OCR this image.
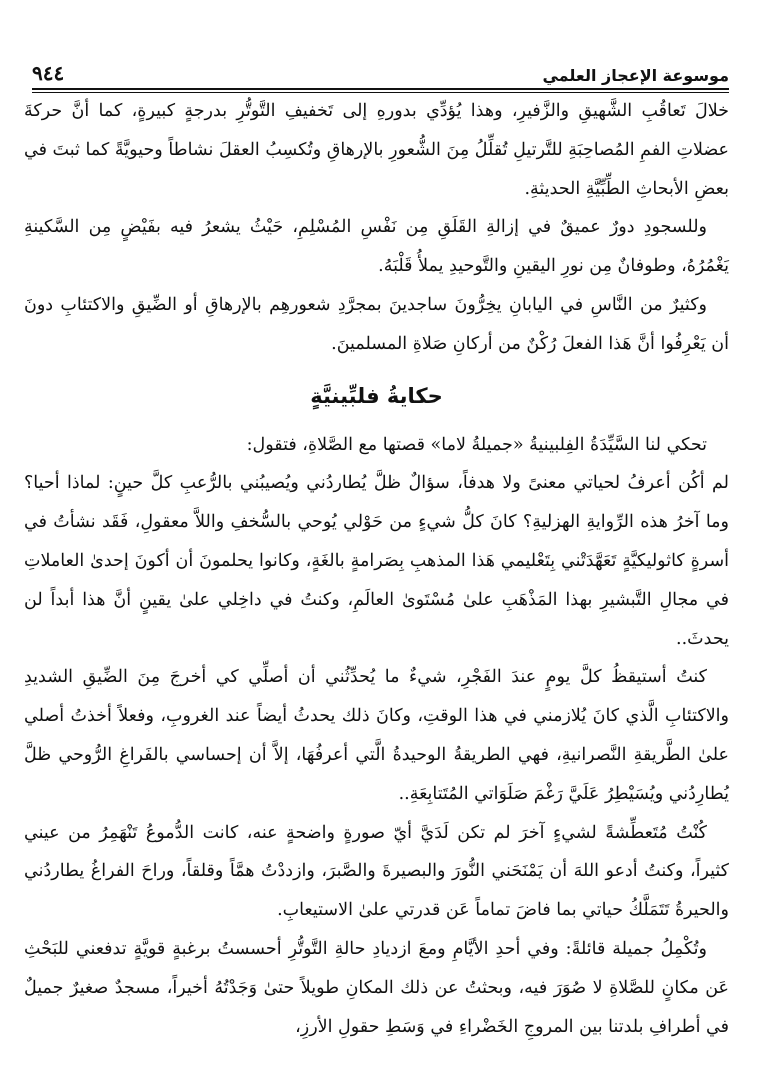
موسوعة الإعجاز العلمي
٩٤٤

خلالَ تَعاقُبِ الشَّهيقِ والزَّفيرِ، وهذا يُؤدِّي بدورهِ إلى تَخفيفِ التَّوتُّرِ بدرجةٍ كبيرةٍ، كما أنَّ حركةَ عضلاتِ الفمِ المُصاحِبَةِ للتَّرتيلِ تُقلِّلُ مِنَ الشُّعورِ بالإرهاقِ وتُكسِبُ العقلَ نشاطاً وحيويَّةً كما ثبتَ في بعضِ الأبحاثِ الطِّبِّيَّةِ الحديثةِ.

وللسجودِ دورٌ عميقٌ في إزالةِ القَلَقِ مِن نَفْسِ المُسْلِمِ، حَيْثُ يشعرُ فيه بفَيْضٍ مِن السَّكينةِ يَغْمُرُهُ، وطوفانٌ مِن نورِ اليقينِ والتَّوحيدِ يملأُ قَلْبَهُ.

وكثيرٌ من النَّاسِ في اليابانِ يخِرُّونَ ساجدينَ بمجرَّدِ شعورهِم بالإرهاقِ أو الضِّيقِ والاكتئابِ دونَ أن يَعْرِفُوا أنَّ هَذا الفعلَ رُكْنٌ من أركانِ صَلاةِ المسلمينَ.

حكايةُ فلبِّينيَّةٍ

تحكي لنا السَّيِّدَةُ الفِلبينيةُ «جميلةُ لاما» قصتها مع الصَّلاةِ، فتقول:

لم أكُن أعرفُ لحياتي معنىً ولا هدفاً، سؤالٌ ظلَّ يُطاردُني ويُصيبُني بالرُّعبِ كلَّ حينٍ: لماذا أحيا؟ وما آخرُ هذه الرِّوايةِ الهزليةِ؟ كانَ كلُّ شيءٍ من حَوْلي يُوحي بالسُّخفِ واللاَّ معقولِ، فَقَد نشأتُ في أسرةٍ كاثوليكيَّةٍ تَعَهَّدَتْني بِتَعْليمي هَذا المذهبِ بِصَرامةٍ بالغَةٍ، وكانوا يحلمونَ أن أكونَ إحدىٰ العاملاتِ في مجالِ التَّبشيرِ بهذا المَذْهَبِ علىٰ مُسْتَوىٰ العالَمِ، وكنتُ في داخِلي علىٰ يقينٍ أنَّ هذا أبداً لن يحدثَ..

كنتُ أستيقظُ كلَّ يومٍ عندَ الفَجْرِ، شيءٌ ما يُحدِّثُني أن أصلِّي كي أخرجَ مِنَ الضِّيقِ الشديدِ والاكتئابِ الَّذي كانَ يُلازمني في هذا الوقتِ، وكانَ ذلك يحدثُ أيضاً عند الغروبِ، وفعلاً أخذتُ أصلي علىٰ الطَّريقةِ النَّصرانيةِ، فهي الطريقةُ الوحيدةُ الَّتي أعرفُهَا، إلاَّ أن إحساسي بالفَراغِ الرُّوحي ظلَّ يُطارِدُني ويُسَيْطِرُ عَلَيَّ رَغْمَ صَلَوَاتي المُتَتابِعَةِ..

كُنْتُ مُتَعطِّشةً لشيءٍ آخرَ لم تكن لَدَيَّ أيّ صورةٍ واضحةٍ عنه، كانت الدُّموعُ تَنْهَمِرُ من عيني كثيراً، وكنتُ أدعو اللهَ أن يَمْنَحَني النُّورَ والبصيرةَ والصَّبرَ، وازددْتُ همَّاً وقلقاً، وراحَ الفراغُ يطاردُني والحيرةُ تَتَمَلَّكُ حياتي بما فاضَ تماماً عَن قدرتي علىٰ الاستيعابِ.

وتُكْمِلُ جميلة قائلةً: وفي أحدِ الأيَّامِ ومعَ ازديادِ حالةِ التَّوتُّرِ أحسستُ برغبةٍ قويَّةٍ تدفعني للبَحْثِ عَن مكانٍ للصَّلاةِ لا صُوَرَ فيه، وبحثتُ عن ذلك المكانِ طويلاً حتىٰ وَجَدْتُهُ أخيراً، مسجدٌ صغيرٌ جميلٌ في أطرافِ بلدتنا بين المروجِ الخَضْراءِ في وَسَطِ حقولِ الأرزِ،
